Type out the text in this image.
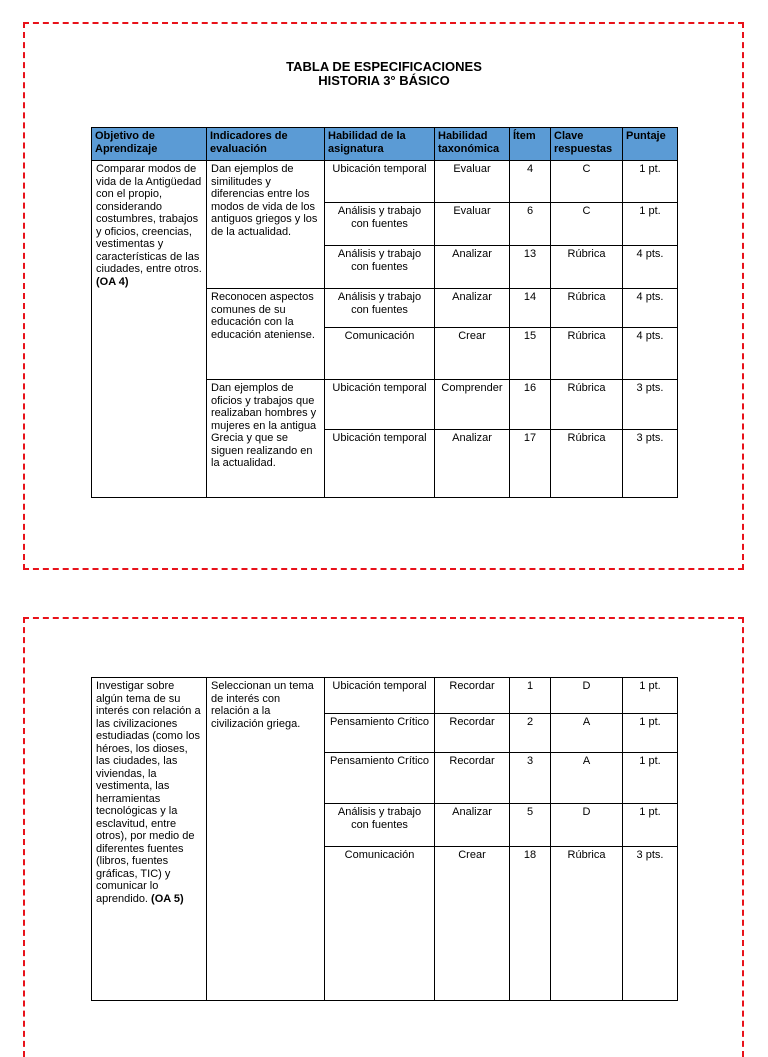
TABLA DE ESPECIFICACIONES
HISTORIA 3° BÁSICO
Objetivo de Aprendizaje	Indicadores de evaluación	Habilidad de la asignatura	Habilidad taxonómica	Ítem	Clave respuestas	Puntaje
Comparar modos de vida de la Antigüedad con el propio, considerando costumbres, trabajos y oficios, creencias, vestimentas y características de las ciudades, entre otros. (OA 4)	Dan ejemplos de similitudes y diferencias entre los modos de vida de los antiguos griegos y los de la actualidad.	Ubicación temporal	Evaluar	4	C	1 pt.
		Análisis y trabajo con fuentes	Evaluar	6	C	1 pt.
		Análisis y trabajo con fuentes	Analizar	13	Rúbrica	4 pts.
	Reconocen aspectos comunes de su educación con la educación ateniense.	Análisis y trabajo con fuentes	Analizar	14	Rúbrica	4 pts.
		Comunicación	Crear	15	Rúbrica	4 pts.
	Dan ejemplos de oficios y trabajos que realizaban hombres y mujeres en la antigua Grecia y que se siguen realizando en la actualidad.	Ubicación temporal	Comprender	16	Rúbrica	3 pts.
		Ubicación temporal	Analizar	17	Rúbrica	3 pts.
Investigar sobre algún tema de su interés con relación a las civilizaciones estudiadas (como los héroes, los dioses, las ciudades, las viviendas, la vestimenta, las herramientas tecnológicas y la esclavitud, entre otros), por medio de diferentes fuentes (libros, fuentes gráficas, TIC) y comunicar lo aprendido. (OA 5)	Seleccionan un tema de interés con relación a la civilización griega.	Ubicación temporal	Recordar	1	D	1 pt.
		Pensamiento Crítico	Recordar	2	A	1 pt.
		Pensamiento Crítico	Recordar	3	A	1 pt.
		Análisis y trabajo con fuentes	Analizar	5	D	1 pt.
		Comunicación	Crear	18	Rúbrica	3 pts.
